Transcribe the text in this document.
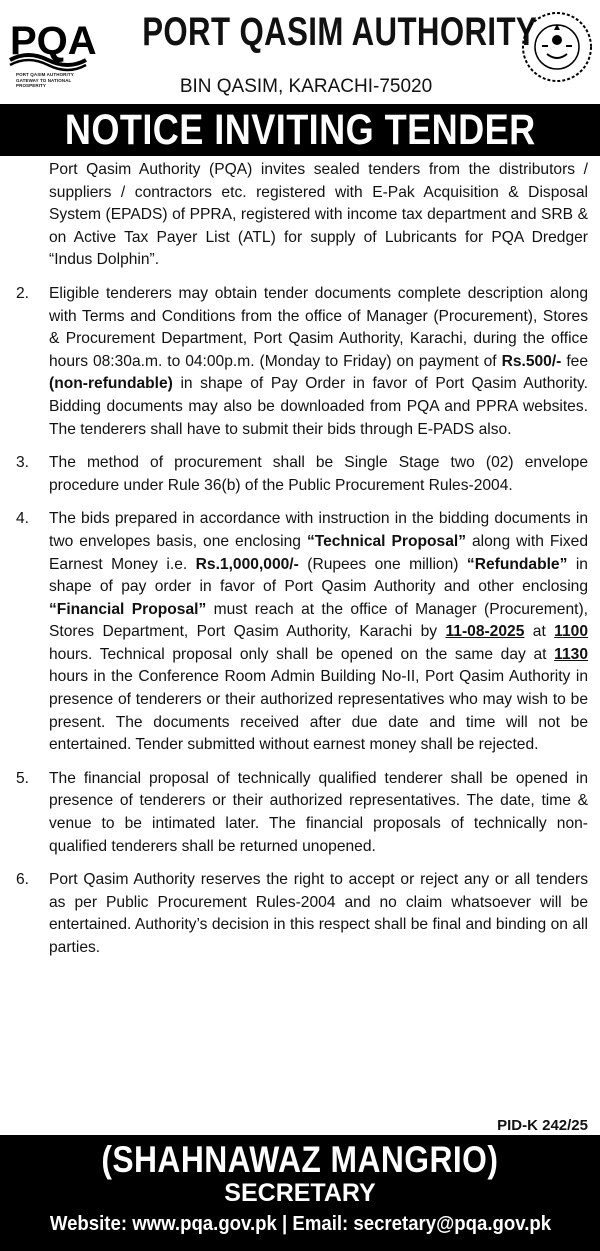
PQA
PORT QASIM AUTHORITY
GATEWAY TO NATIONAL PROSPERITY
PORT QASIM AUTHORITY
BIN QASIM, KARACHI-75020
NOTICE INVITING TENDER
Port Qasim Authority (PQA) invites sealed tenders from the distributors / suppliers / contractors etc. registered with E-Pak Acquisition & Disposal System (EPADS) of PPRA, registered with income tax department and SRB & on Active Tax Payer List (ATL) for supply of Lubricants for PQA Dredger “Indus Dolphin”.
2. Eligible tenderers may obtain tender documents complete description along with Terms and Conditions from the office of Manager (Procurement), Stores & Procurement Department, Port Qasim Authority, Karachi, during the office hours 08:30a.m. to 04:00p.m. (Monday to Friday) on payment of Rs.500/- fee (non-refundable) in shape of Pay Order in favor of Port Qasim Authority. Bidding documents may also be downloaded from PQA and PPRA websites. The tenderers shall have to submit their bids through E-PADS also.
3. The method of procurement shall be Single Stage two (02) envelope procedure under Rule 36(b) of the Public Procurement Rules-2004.
4. The bids prepared in accordance with instruction in the bidding documents in two envelopes basis, one enclosing “Technical Proposal” along with Fixed Earnest Money i.e. Rs.1,000,000/- (Rupees one million) “Refundable” in shape of pay order in favor of Port Qasim Authority and other enclosing “Financial Proposal” must reach at the office of Manager (Procurement), Stores Department, Port Qasim Authority, Karachi by 11-08-2025 at 1100 hours. Technical proposal only shall be opened on the same day at 1130 hours in the Conference Room Admin Building No-II, Port Qasim Authority in presence of tenderers or their authorized representatives who may wish to be present. The documents received after due date and time will not be entertained. Tender submitted without earnest money shall be rejected.
5. The financial proposal of technically qualified tenderer shall be opened in presence of tenderers or their authorized representatives. The date, time & venue to be intimated later. The financial proposals of technically non-qualified tenderers shall be returned unopened.
6. Port Qasim Authority reserves the right to accept or reject any or all tenders as per Public Procurement Rules-2004 and no claim whatsoever will be entertained. Authority’s decision in this respect shall be final and binding on all parties.
PID-K 242/25
(SHAHNAWAZ MANGRIO)
SECRETARY
Website: www.pqa.gov.pk | Email: secretary@pqa.gov.pk
